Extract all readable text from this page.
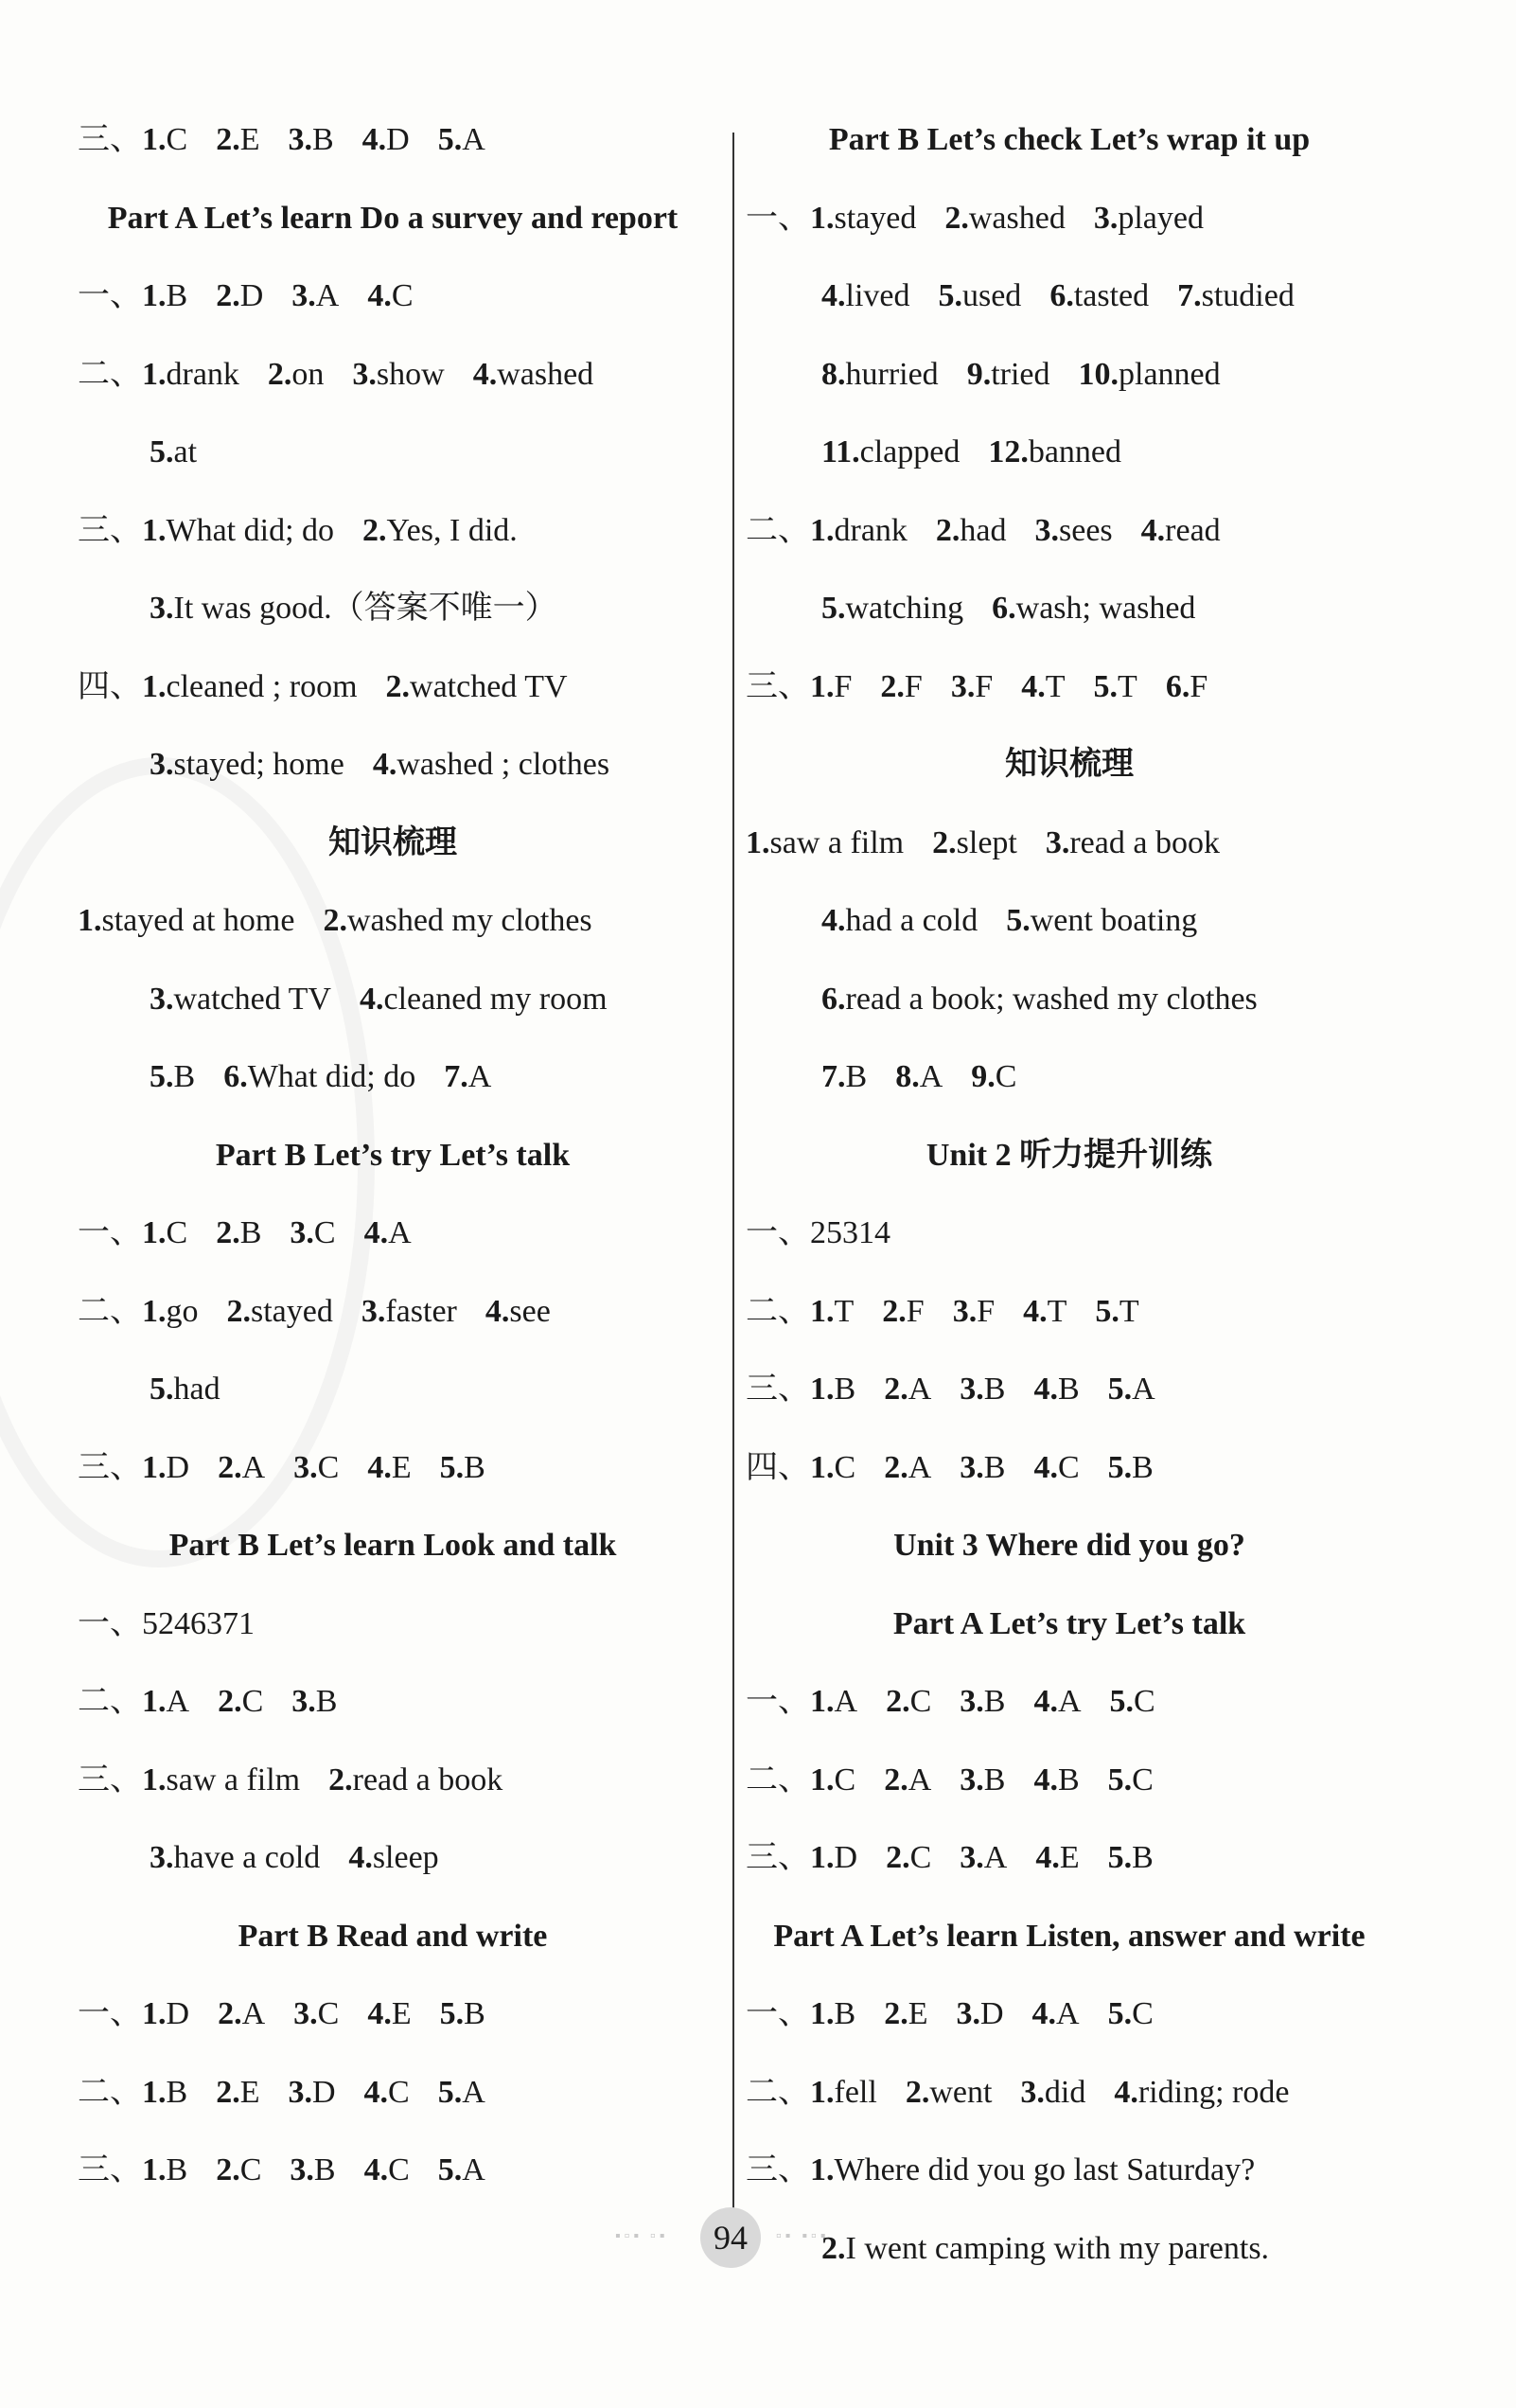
三、1.C 2.E 3.B 4.D 5.A
Part A Let’s learn Do a survey and report
一、1.B 2.D 3.A 4.C
二、1.drank 2.on 3.show 4.washed
5.at
三、1.What did; do 2.Yes, I did.
3.It was good.（答案不唯一）
四、1.cleaned ; room 2.watched TV
3.stayed; home 4.washed ; clothes
知识梳理
1.stayed at home 2.washed my clothes
3.watched TV 4.cleaned my room
5.B 6.What did; do 7.A
Part B Let’s try Let’s talk
一、1.C 2.B 3.C 4.A
二、1.go 2.stayed 3.faster 4.see
5.had
三、1.D 2.A 3.C 4.E 5.B
Part B Let’s learn Look and talk
一、5246371
二、1.A 2.C 3.B
三、1.saw a film 2.read a book
3.have a cold 4.sleep
Part B Read and write
一、1.D 2.A 3.C 4.E 5.B
二、1.B 2.E 3.D 4.C 5.A
三、1.B 2.C 3.B 4.C 5.A
Part B Let’s check Let’s wrap it up
一、1.stayed 2.washed 3.played
4.lived 5.used 6.tasted 7.studied
8.hurried 9.tried 10.planned
11.clapped 12.banned
二、1.drank 2.had 3.sees 4.read
5.watching 6.wash; washed
三、1.F 2.F 3.F 4.T 5.T 6.F
知识梳理
1.saw a film 2.slept 3.read a book
4.had a cold 5.went boating
6.read a book; washed my clothes
7.B 8.A 9.C
Unit 2 听力提升训练
一、25314
二、1.T 2.F 3.F 4.T 5.T
三、1.B 2.A 3.B 4.B 5.A
四、1.C 2.A 3.B 4.C 5.B
Unit 3 Where did you go?
Part A Let’s try Let’s talk
一、1.A 2.C 3.B 4.A 5.C
二、1.C 2.A 3.B 4.B 5.C
三、1.D 2.C 3.A 4.E 5.B
Part A Let’s learn Listen, answer and write
一、1.B 2.E 3.D 4.A 5.C
二、1.fell 2.went 3.did 4.riding; rode
三、1.Where did you go last Saturday?
2.I went camping with my parents.
▪▫▪ ▫▪	94	▫▪ ▪▫▪
